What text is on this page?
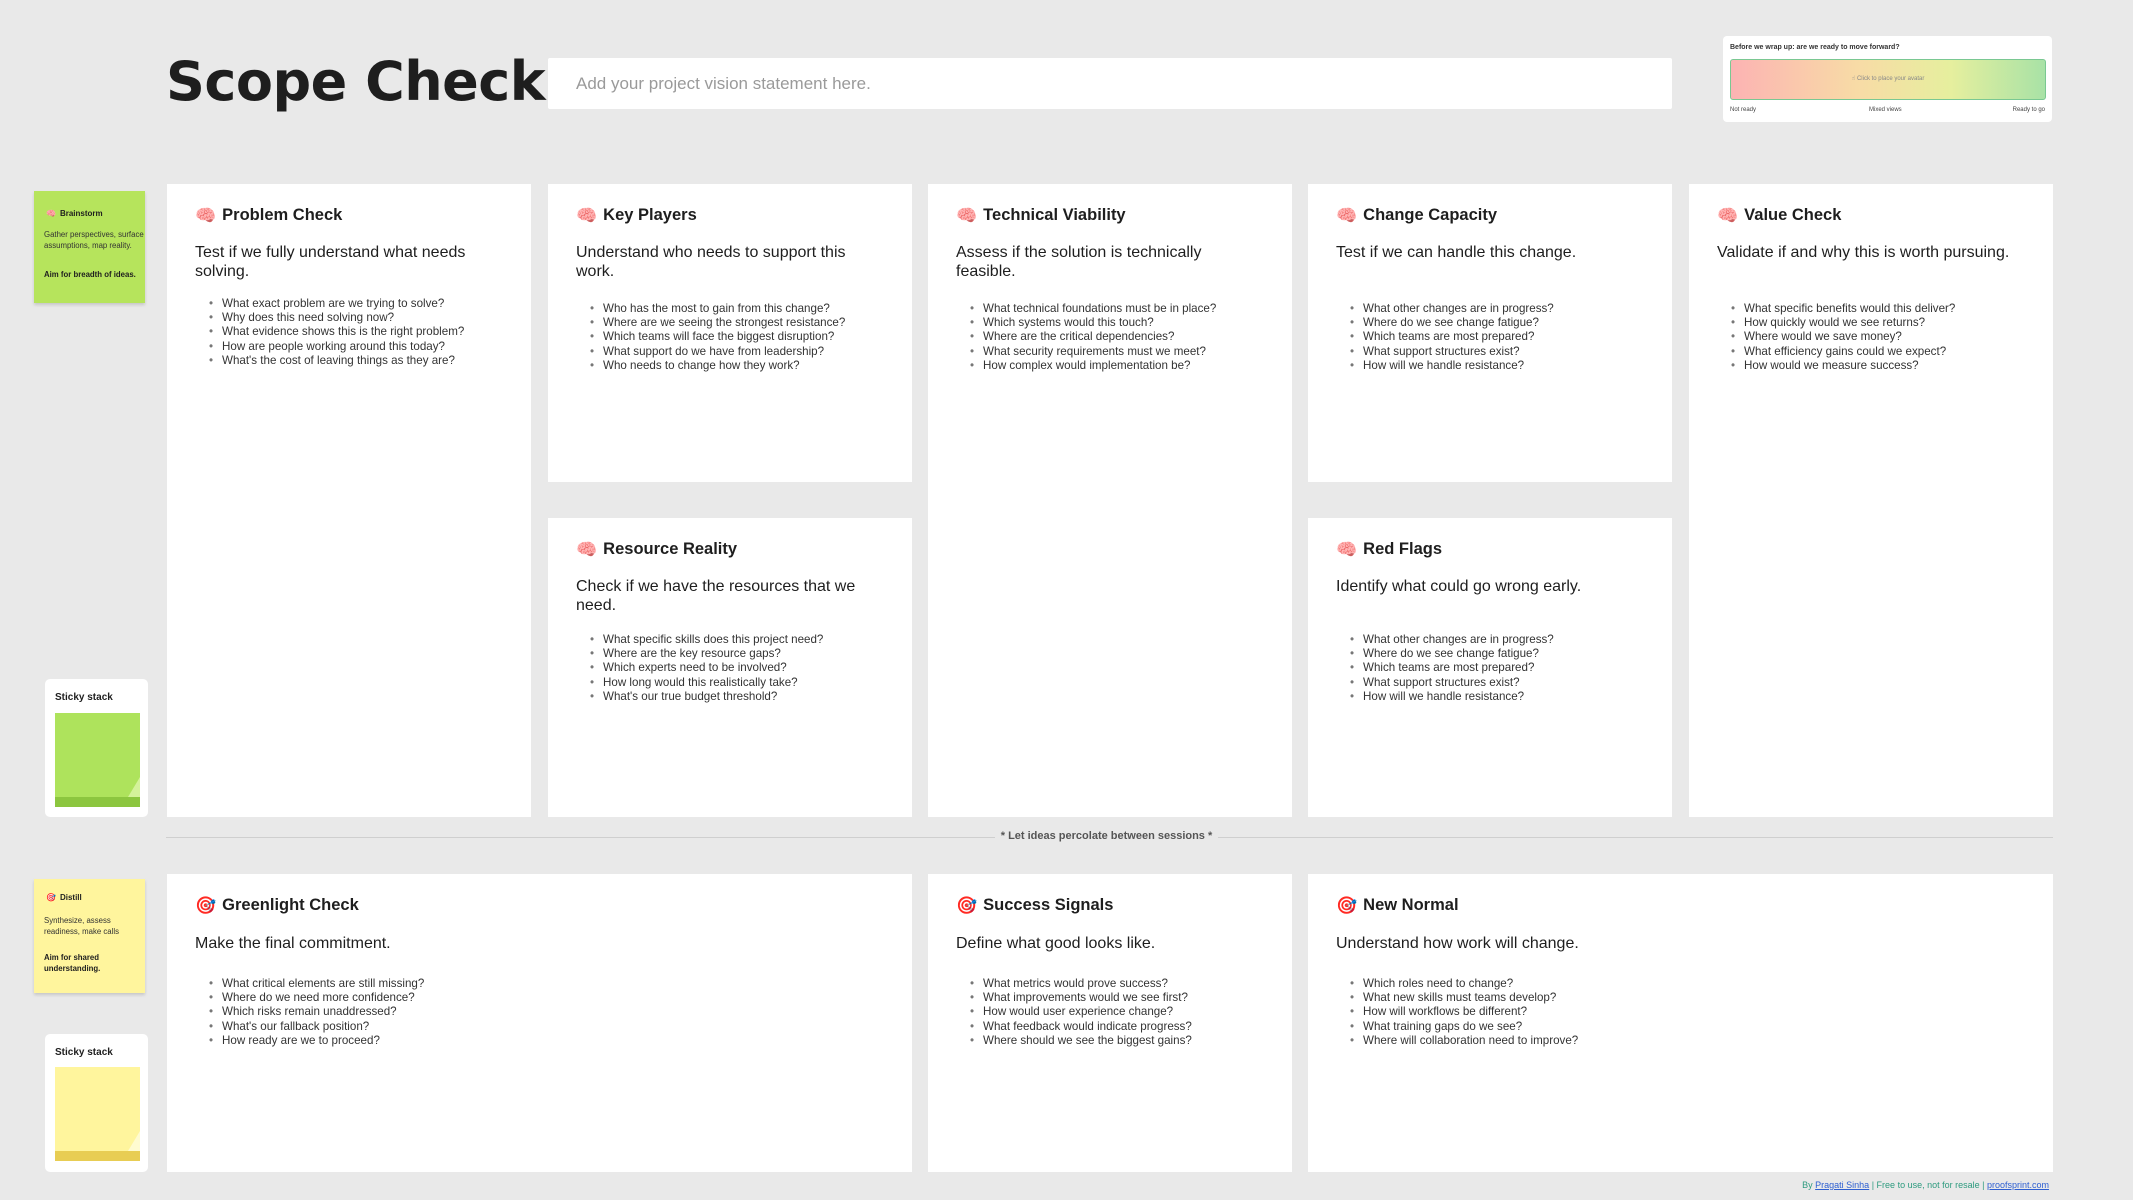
Scope Check
Add your project vision statement here.
Before we wrap up: are we ready to move forward?
☝ Click to place your avatar
Not ready	Mixed views	Ready to go
🧠 Brainstorm
Gather perspectives, surface assumptions, map reality.
Aim for breadth of ideas.
Sticky stack
🎯 Distill
Synthesize, assess readiness, make calls
Aim for shared understanding.
Sticky stack
🧠 Problem Check
Test if we fully understand what needs solving.
• What exact problem are we trying to solve?
• Why does this need solving now?
• What evidence shows this is the right problem?
• How are people working around this today?
• What's the cost of leaving things as they are?
🧠 Key Players
Understand who needs to support this work.
• Who has the most to gain from this change?
• Where are we seeing the strongest resistance?
• Which teams will face the biggest disruption?
• What support do we have from leadership?
• Who needs to change how they work?
🧠 Technical Viability
Assess if the solution is technically feasible.
• What technical foundations must be in place?
• Which systems would this touch?
• Where are the critical dependencies?
• What security requirements must we meet?
• How complex would implementation be?
🧠 Change Capacity
Test if we can handle this change.
• What other changes are in progress?
• Where do we see change fatigue?
• Which teams are most prepared?
• What support structures exist?
• How will we handle resistance?
🧠 Value Check
Validate if and why this is worth pursuing.
• What specific benefits would this deliver?
• How quickly would we see returns?
• Where would we save money?
• What efficiency gains could we expect?
• How would we measure success?
🧠 Resource Reality
Check if we have the resources that we need.
• What specific skills does this project need?
• Where are the key resource gaps?
• Which experts need to be involved?
• How long would this realistically take?
• What's our true budget threshold?
🧠 Red Flags
Identify what could go wrong early.
• What other changes are in progress?
• Where do we see change fatigue?
• Which teams are most prepared?
• What support structures exist?
• How will we handle resistance?
* Let ideas percolate between sessions *
🎯 Greenlight Check
Make the final commitment.
• What critical elements are still missing?
• Where do we need more confidence?
• Which risks remain unaddressed?
• What's our fallback position?
• How ready are we to proceed?
🎯 Success Signals
Define what good looks like.
• What metrics would prove success?
• What improvements would we see first?
• How would user experience change?
• What feedback would indicate progress?
• Where should we see the biggest gains?
🎯 New Normal
Understand how work will change.
• Which roles need to change?
• What new skills must teams develop?
• How will workflows be different?
• What training gaps do we see?
• Where will collaboration need to improve?
By Pragati Sinha | Free to use, not for resale | proofsprint.com
